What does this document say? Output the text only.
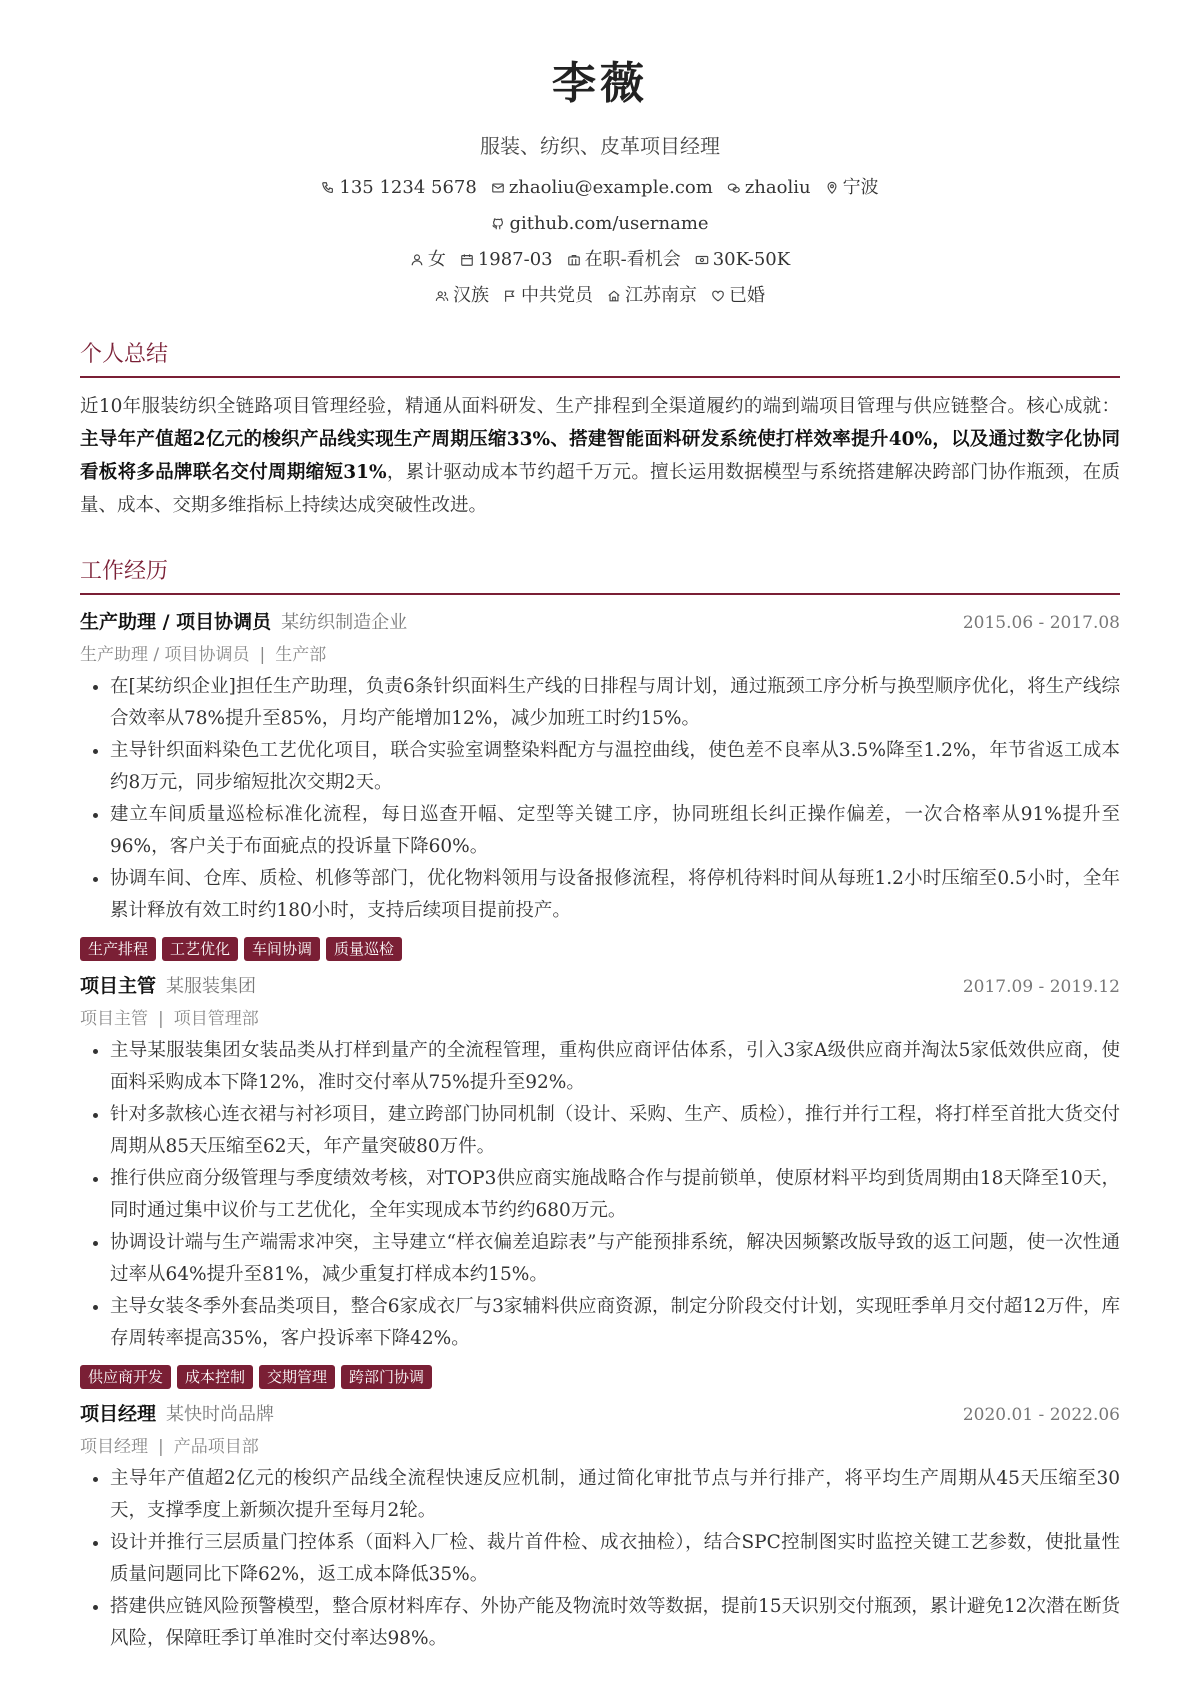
李薇
服装、纺织、皮革项目经理
135 1234 5678 zhaoliu@example.com zhaoliu 宁波
github.com/username
女 1987-03 在职-看机会 30K-50K
汉族 中共党员 江苏南京 已婚
个人总结
近10年服装纺织全链路项目管理经验，精通从面料研发、生产排程到全渠道履约的端到端项目管理与供应链整合。核心成就：主导年产值超2亿元的梭织产品线实现生产周期压缩33%、搭建智能面料研发系统使打样效率提升40%，以及通过数字化协同看板将多品牌联名交付周期缩短31%，累计驱动成本节约超千万元。擅长运用数据模型与系统搭建解决跨部门协作瓶颈，在质量、成本、交期多维指标上持续达成突破性改进。
工作经历
生产助理 / 项目协调员 某纺织制造企业	2015.06 - 2017.08
生产助理 / 项目协调员 | 生产部
• 在[某纺织企业]担任生产助理，负责6条针织面料生产线的日排程与周计划，通过瓶颈工序分析与换型顺序优化，将生产线综合效率从78%提升至85%，月均产能增加12%，减少加班工时约15%。
• 主导针织面料染色工艺优化项目，联合实验室调整染料配方与温控曲线，使色差不良率从3.5%降至1.2%，年节省返工成本约8万元，同步缩短批次交期2天。
• 建立车间质量巡检标准化流程，每日巡查开幅、定型等关键工序，协同班组长纠正操作偏差，一次合格率从91%提升至96%，客户关于布面疵点的投诉量下降60%。
• 协调车间、仓库、质检、机修等部门，优化物料领用与设备报修流程，将停机待料时间从每班1.2小时压缩至0.5小时，全年累计释放有效工时约180小时，支持后续项目提前投产。
生产排程	工艺优化	车间协调	质量巡检
项目主管 某服装集团	2017.09 - 2019.12
项目主管 | 项目管理部
• 主导某服装集团女装品类从打样到量产的全流程管理，重构供应商评估体系，引入3家A级供应商并淘汰5家低效供应商，使面料采购成本下降12%，准时交付率从75%提升至92%。
• 针对多款核心连衣裙与衬衫项目，建立跨部门协同机制（设计、采购、生产、质检），推行并行工程，将打样至首批大货交付周期从85天压缩至62天，年产量突破80万件。
• 推行供应商分级管理与季度绩效考核，对TOP3供应商实施战略合作与提前锁单，使原材料平均到货周期由18天降至10天，同时通过集中议价与工艺优化，全年实现成本节约约680万元。
• 协调设计端与生产端需求冲突，主导建立“样衣偏差追踪表”与产能预排系统，解决因频繁改版导致的返工问题，使一次性通过率从64%提升至81%，减少重复打样成本约15%。
• 主导女装冬季外套品类项目，整合6家成衣厂与3家辅料供应商资源，制定分阶段交付计划，实现旺季单月交付超12万件，库存周转率提高35%，客户投诉率下降42%。
供应商开发	成本控制	交期管理	跨部门协调
项目经理 某快时尚品牌	2020.01 - 2022.06
项目经理 | 产品项目部
• 主导年产值超2亿元的梭织产品线全流程快速反应机制，通过简化审批节点与并行排产，将平均生产周期从45天压缩至30天，支撑季度上新频次提升至每月2轮。
• 设计并推行三层质量门控体系（面料入厂检、裁片首件检、成衣抽检），结合SPC控制图实时监控关键工艺参数，使批量性质量问题同比下降62%，返工成本降低35%。
• 搭建供应链风险预警模型，整合原材料库存、外协产能及物流时效等数据，提前15天识别交付瓶颈，累计避免12次潜在断货风险，保障旺季订单准时交付率达98%。
